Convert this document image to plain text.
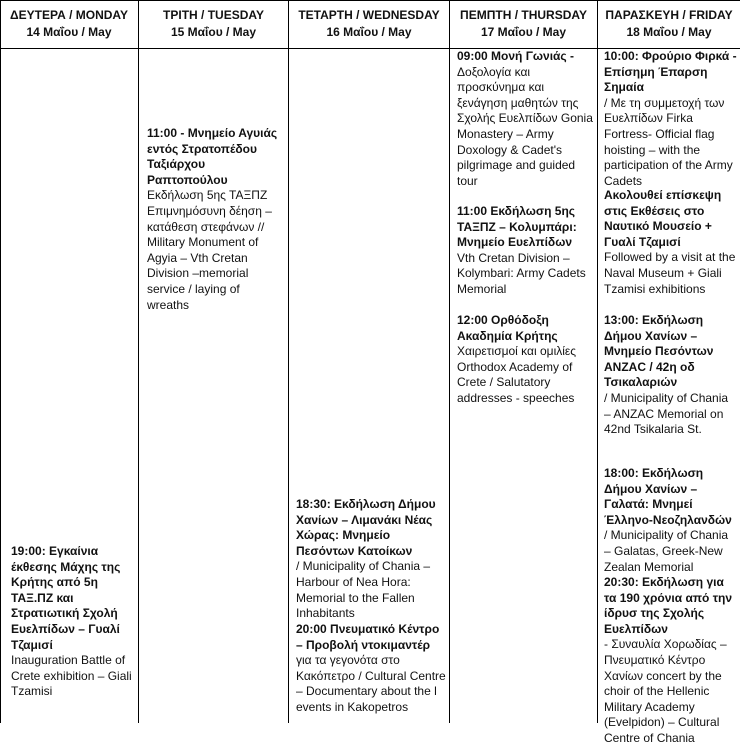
ΔΕΥΤΕΡΑ / MONDAY
14 Μαΐου / May
ΤΡΙΤΗ / TUESDAY
15 Μαΐου / May
ΤΕΤΑΡΤΗ / WEDNESDAY
16 Μαΐου / May
ΠΕΜΠΤΗ / THURSDAY
17 Μαΐου / May
ΠΑΡΑΣΚΕΥΗ / FRIDAY
18 Μαΐου / May
19:00: Εγκαίνια έκθεσης Μάχης της Κρήτης από 5η ΤΑΞ.ΠΖ και Στρατιωτική Σχολή Ευελπίδων – Γυαλί Τζαμισί
Inauguration Battle of Crete exhibition – Giali Tzamisi
11:00 - Μνημείο Αγυιάς εντός Στρατοπέδου Ταξιάρχου Ραπτοπούλου
Εκδήλωση 5ης ΤΑΞΠΖ Επιμνημόσυνη δέηση – κατάθεση στεφάνων // Military Monument of Agyia – Vth Cretan Division –memorial service / laying of wreaths
18:30: Εκδήλωση Δήμου Χανίων – Λιμανάκι Νέας Χώρας: Μνημείο Πεσόντων Κατοίκων
/ Municipality of Chania – Harbour of Nea Hora: Memorial to the Fallen Inhabitants
20:00 Πνευματικό Κέντρο – Προβολή ντοκιμαντέρ
για τα γεγονότα στο Κακόπετρο / Cultural Centre – Documentary about the l events in Kakopetros
09:00 Μονή Γωνιάς -
Δοξολογία και προσκύνημα και ξενάγηση μαθητών της Σχολής Ευελπίδων Gonia Monastery – Army Doxology & Cadet's pilgrimage and guided tour
11:00 Εκδήλωση 5ης ΤΑΞΠΖ – Κολυμπάρι: Μνημείο Ευελπίδων
Vth Cretan Division – Kolymbari: Army Cadets Memorial
12:00 Ορθόδοξη Ακαδημία Κρήτης
Χαιρετισμοί και ομιλίες Orthodox Academy of Crete / Salutatory addresses - speeches
10:00: Φρούριο Φιρκά - Επίσημη Έπαρση Σημαία
/ Με τη συμμετοχή των Ευελπίδων Firka Fortress- Official flag hoisting – with the participation of the Army Cadets
Ακολουθεί επίσκεψη στις Εκθέσεις στο Ναυτικό Μουσείο + Γυαλί Τζαμισί
Followed by a visit at the Naval Museum + Giali Tzamisi exhibitions
13:00: Εκδήλωση Δήμου Χανίων – Μνημείο Πεσόντων ANZAC / 42η οδ Τσικαλαριών
/ Municipality of Chania – ANZAC Memorial on 42nd Tsikalaria St.
18:00: Εκδήλωση Δήμου Χανίων – Γαλατά: Μνημεί Έλληνο-Νεοζηλανδών
/ Municipality of Chania – Galatas, Greek-New Zealan Memorial
20:30: Εκδήλωση για τα 190 χρόνια από την ίδρυσ της Σχολής Ευελπίδων
- Συναυλία Χορωδίας – Πνευματικό Κέντρο Χανίων concert by the choir of the Hellenic Military Academy (Evelpidon) – Cultural Centre of Chania
